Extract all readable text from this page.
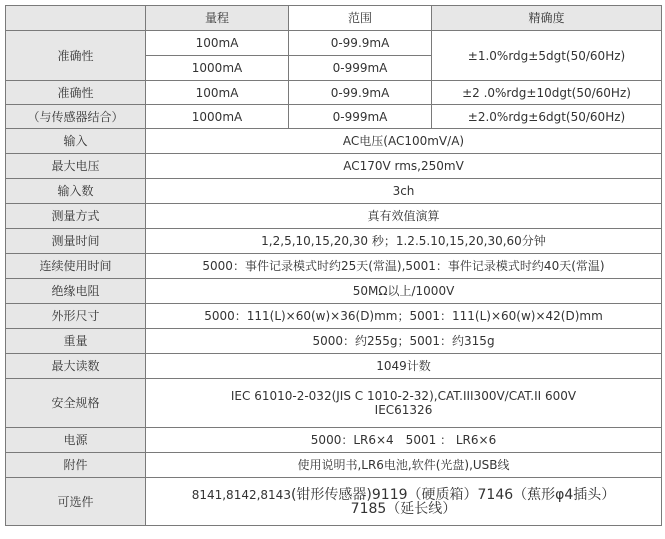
	量程	范围	精确度
准确性	100mA	0-99.9mA	±1.0%rdg±5dgt(50/60Hz)
	1000mA	0-999mA	
准确性	100mA	0-99.9mA	±2 .0%rdg±10dgt(50/60Hz)
（与传感器结合）	1000mA	0-999mA	±2.0%rdg±6dgt(50/60Hz)
输入	AC电压(AC100mV/A)		
最大电压	AC170V rms,250mV		
输入数	3ch		
测量方式	真有效值演算		
测量时间	1,2,5,10,15,20,30 秒；1.2.5.10,15,20,30,60分钟		
连续使用时间	5000：事件记录模式时约25天(常温),5001：事件记录模式时约40天(常温)		
绝缘电阻	50MΩ以上/1000V		
外形尺寸	5000：111(L)×60(w)×36(D)mm；5001：111(L)×60(w)×42(D)mm		
重量	5000：约255g；5001：约315g		
最大读数	1049计数		
安全规格	IEC 61010-2-032(JIS C 1010-2-32),CAT.III300V/CAT.II 600V
IEC61326		
电源	5000：LR6×4　5001 ： LR6×6		
附件	使用说明书,LR6电池,软件(光盘),USB线		
可选件	8141,8142,8143(钳形传感器)9119（硬质箱）7146（蕉形φ4插头）
7185（延长线）		
